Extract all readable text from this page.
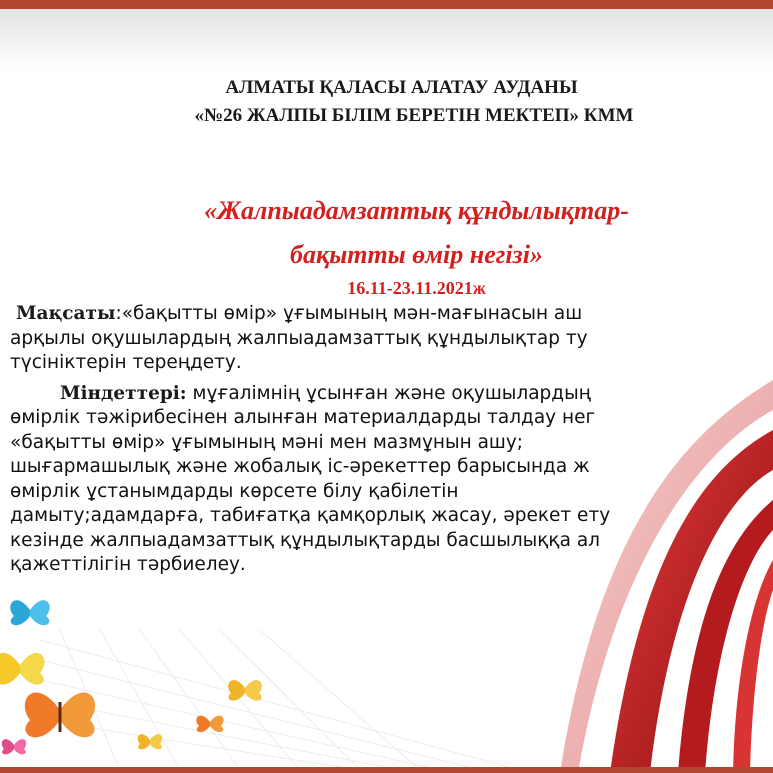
АЛМАТЫ ҚАЛАСЫ АЛАТАУ АУДАНЫ
«№26 ЖАЛПЫ БІЛІМ БЕРЕТІН МЕКТЕП» КММ
«Жалпыадамзаттық құндылықтар-
бақытты өмір негізі»
16.11-23.11.2021ж

Мақсаты:«бақытты өмір» ұғымының мән-мағынасын аш
арқылы оқушылардың жалпыадамзаттық құндылықтар ту
түсініктерін тереңдету.

Міндеттері: мұғалімнің ұсынған және оқушылардың
өмірлік тәжірибесінен алынған материалдарды талдау нег
«бақытты өмір» ұғымының мәні мен мазмұнын ашу;
шығармашылық және жобалық іс-әрекеттер барысында ж
өмірлік ұстанымдарды көрсете білу қабілетін
дамыту;адамдарға, табиғатқа қамқорлық жасау, әрекет ету
кезінде жалпыадамзаттық құндылықтарды басшылыққа ал
қажеттілігін тәрбиелеу.
